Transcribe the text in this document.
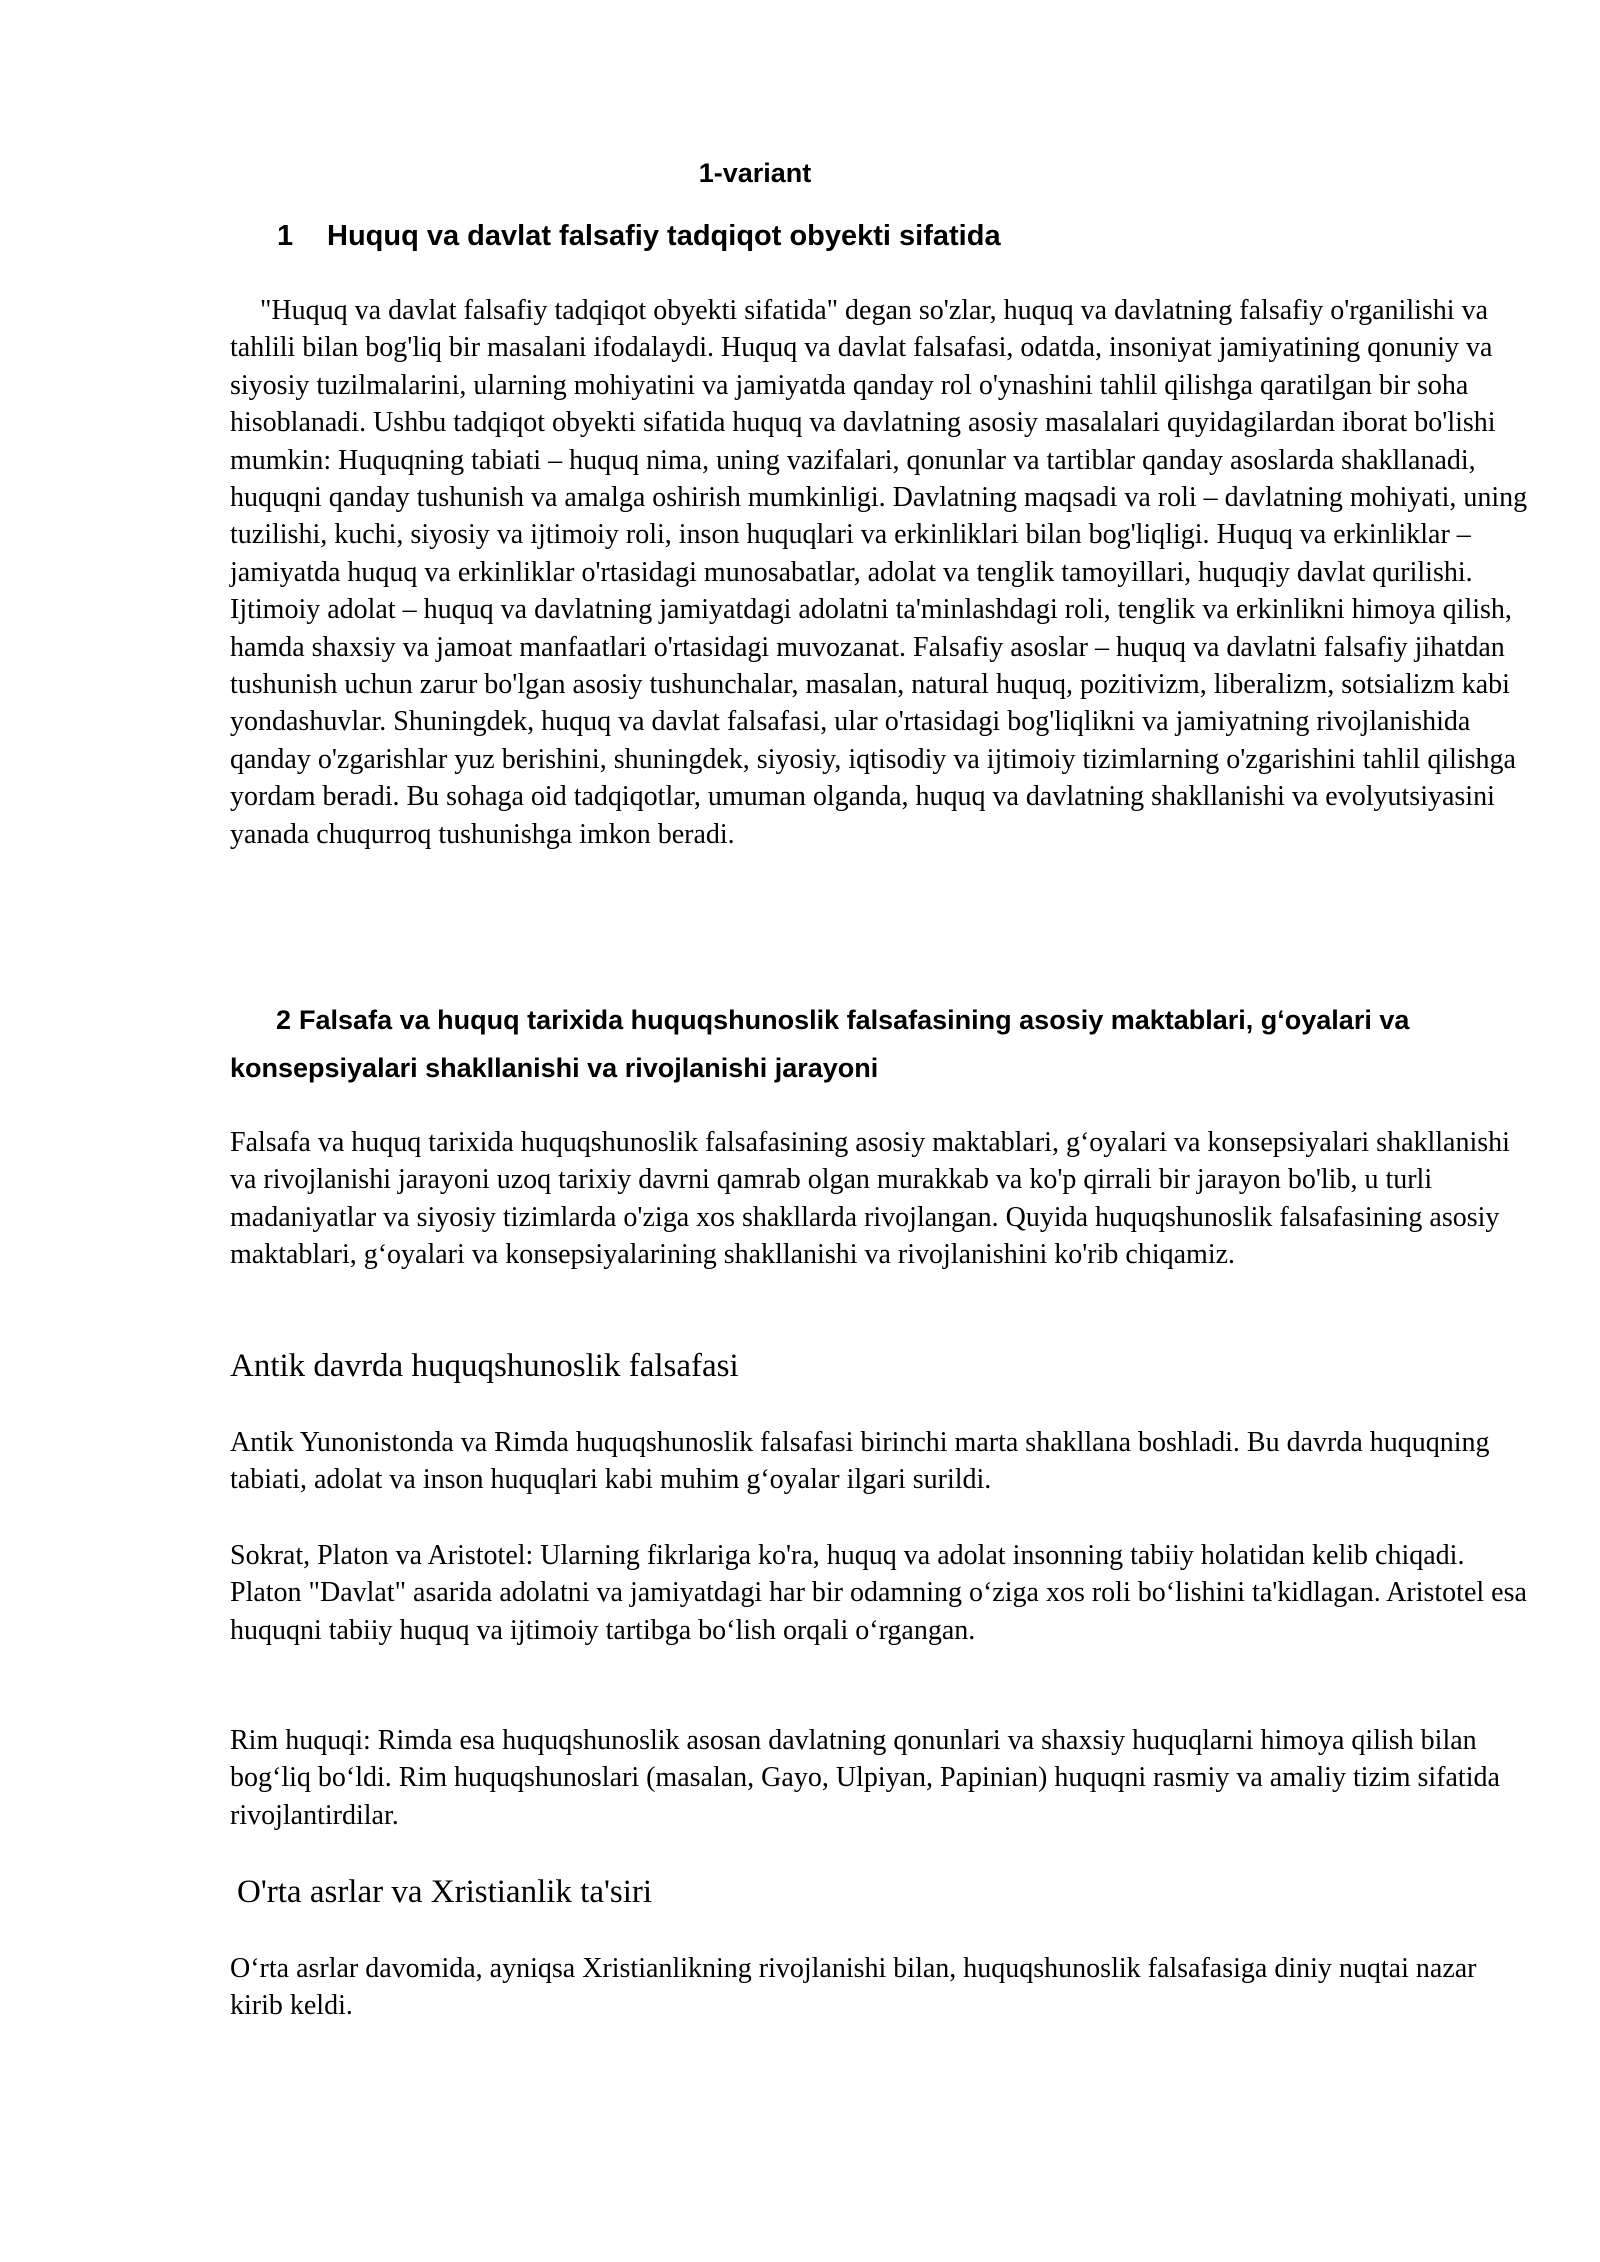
1-variant
1 Huquq va davlat falsafiy tadqiqot obyekti sifatida

"Huquq va davlat falsafiy tadqiqot obyekti sifatida" degan so'zlar, huquq va davlatning falsafiy o'rganilishi va tahlili bilan bog'liq bir masalani ifodalaydi. Huquq va davlat falsafasi, odatda, insoniyat jamiyatining qonuniy va siyosiy tuzilmalarini, ularning mohiyatini va jamiyatda qanday rol o'ynashini tahlil qilishga qaratilgan bir soha hisoblanadi. Ushbu tadqiqot obyekti sifatida huquq va davlatning asosiy masalalari quyidagilardan iborat bo'lishi mumkin: Huquqning tabiati – huquq nima, uning vazifalari, qonunlar va tartiblar qanday asoslarda shakllanadi, huquqni qanday tushunish va amalga oshirish mumkinligi. Davlatning maqsadi va roli – davlatning mohiyati, uning tuzilishi, kuchi, siyosiy va ijtimoiy roli, inson huquqlari va erkinliklari bilan bog'liqligi. Huquq va erkinliklar – jamiyatda huquq va erkinliklar o'rtasidagi munosabatlar, adolat va tenglik tamoyillari, huquqiy davlat qurilishi. Ijtimoiy adolat – huquq va davlatning jamiyatdagi adolatni ta'minlashdagi roli, tenglik va erkinlikni himoya qilish, hamda shaxsiy va jamoat manfaatlari o'rtasidagi muvozanat. Falsafiy asoslar – huquq va davlatni falsafiy jihatdan tushunish uchun zarur bo'lgan asosiy tushunchalar, masalan, natural huquq, pozitivizm, liberalizm, sotsializm kabi yondashuvlar. Shuningdek, huquq va davlat falsafasi, ular o'rtasidagi bog'liqlikni va jamiyatning rivojlanishida qanday o'zgarishlar yuz berishini, shuningdek, siyosiy, iqtisodiy va ijtimoiy tizimlarning o'zgarishini tahlil qilishga yordam beradi. Bu sohaga oid tadqiqotlar, umuman olganda, huquq va davlatning shakllanishi va evolyutsiyasini yanada chuqurroq tushunishga imkon beradi.

2 Falsafa va huquq tarixida huquqshunoslik falsafasining asosiy maktablari, gʻoyalari va konsepsiyalari shakllanishi va rivojlanishi jarayoni

Falsafa va huquq tarixida huquqshunoslik falsafasining asosiy maktablari, gʻoyalari va konsepsiyalari shakllanishi va rivojlanishi jarayoni uzoq tarixiy davrni qamrab olgan murakkab va ko'p qirrali bir jarayon bo'lib, u turli madaniyatlar va siyosiy tizimlarda o'ziga xos shakllarda rivojlangan. Quyida huquqshunoslik falsafasining asosiy maktablari, gʻoyalari va konsepsiyalarining shakllanishi va rivojlanishini ko'rib chiqamiz.

Antik davrda huquqshunoslik falsafasi

Antik Yunonistonda va Rimda huquqshunoslik falsafasi birinchi marta shakllana boshladi. Bu davrda huquqning tabiati, adolat va inson huquqlari kabi muhim gʻoyalar ilgari surildi.

Sokrat, Platon va Aristotel: Ularning fikrlariga ko'ra, huquq va adolat insonning tabiiy holatidan kelib chiqadi. Platon "Davlat" asarida adolatni va jamiyatdagi har bir odamning oʻziga xos roli boʻlishini ta'kidlagan. Aristotel esa huquqni tabiiy huquq va ijtimoiy tartibga boʻlish orqali oʻrgangan.

Rim huquqi: Rimda esa huquqshunoslik asosan davlatning qonunlari va shaxsiy huquqlarni himoya qilish bilan bogʻliq boʻldi. Rim huquqshunoslari (masalan, Gayo, Ulpiyan, Papinian) huquqni rasmiy va amaliy tizim sifatida rivojlantirdilar.

O'rta asrlar va Xristianlik ta'siri

Oʻrta asrlar davomida, ayniqsa Xristianlikning rivojlanishi bilan, huquqshunoslik falsafasiga diniy nuqtai nazar kirib keldi.
